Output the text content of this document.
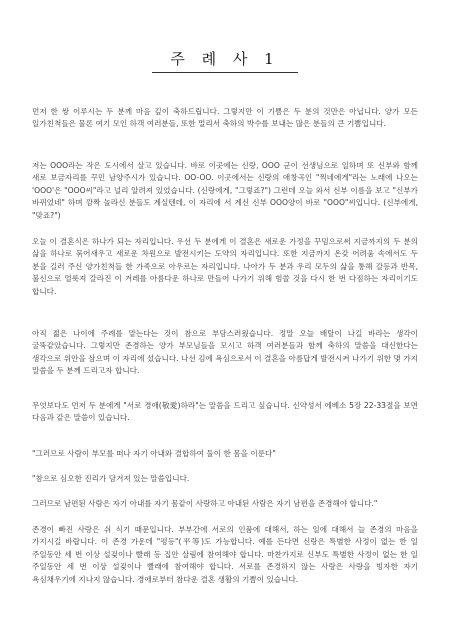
주 례 사 1

먼저 한 쌍 이루시는 두 분께 마음 깊이 축하드립니다. 그렇지만 이 기쁨은 두 분의 것만은 아닙니다. 양가 모든 일가친척들은 물론 여기 모인 하객 여러분들, 또한 멀리서 축하의 박수를 보내는 많은 분들의 큰 기쁨입니다.

저는 OOO라는 작은 도시에서 살고 있습니다. 바로 이곳에는 신랑, OOO 군이 선생님으로 일하며 또 신부와 함께 새로 보금자리를 꾸민 남양주시가 있습니다. OO-OO. 이곳에서는 신랑의 애창곡인 "찍네에게"라는 노래에 나오는 'OOO'은 "OOO씨"라고 널리 알려져 있었습니다. (신랑에게, "그렇죠?") 그런데 오늘 와서 신부 이름을 보고 "신부가 바뀌었네" 하며 깜짝 놀라신 분들도 계실텐데, 이 자리에 서 계신 신부 OOO양이 바로 "OOO"씨입니다. (신부에게, "맞죠?")

오늘 이 결혼식은 하나가 되는 자리입니다. 우선 두 분에게 이 결혼은 새로운 가정을 꾸밈으로써 지금까지의 두 분의 삶을 하나로 묶어새우고 새로운 차원으로 발전시키는 도약의 자리입니다. 또한 지금까지 온갖 어려움 속에서도 두 분을 길러 주신 양가친척들 한 가족으로 아우르는 자리입니다. 나아가 두 분과 우리 모두의 삶을 통해 갈등과 반목, 불신으로 얼룩져 갈라진 이 겨레를 아름다운 하나로 만들어 나가기 위해 힘쓸 것을 다시 한 번 다짐하는 자리이기도 합니다.

아직 젊은 나이에 주례를 맡는다는 것이 참으로 부담스러웠습니다. 정말 오늘 배탈이 나길 바라는 생각이 굴뚝같았습니다. 그렇지만 존경하는 양가 부모님들을 모시고 하객 여러분들과 함께 축하의 말씀을 대신한다는 생각으로 위안을 삼으며 이 자리에 섰습니다. 나선 김에 욕심으로서 이 결혼을 아름답게 발전시켜 나가기 위한 몇 가지 말씀을 두 분께 드리고자 합니다.

무엇보다도 먼저 두 분에게 "서로 경애(敬愛)하라"는 말씀을 드리고 싶습니다. 신약성서 에베소 5장 22-33절을 보면 다음과 같은 말씀이 있습니다.

"그러므로 사람이 부모를 떠나 자기 아내와 결합하여 둘이 한 몸을 이룬다"

"참으로 심오한 진리가 담겨져 있는 말씀입니다.

그러므로 남편된 사람은 자기 아내를 자기 몸같이 사랑하고 아내된 사람은 자기 남편을 존경해야 합니다."

존경이 빠진 사랑은 쉬 식기 때문입니다. 부부간에 서로의 인품에 대해서, 하는 일에 대해서 늘 존경의 마음을 가지시길 바랍니다. 이 존경 가운데 "평등"(平等)도 가능합니다. 예를 든다면 신랑은 특별한 사정이 없는 한 일 주일동안 세 번 이상 설겆이나 빨래 등 집안 살림에 참여해야 합니다. 마찬가지로 신부도 특별한 사정이 없는 한 일 주일동안 세 번 이상 설겆이나 빨래에 참여해야 합니다. 서로를 존경하지 않는 사랑은 사랑을 빙자한 자기 욕심채우기에 지나지 않습니다. 경애로부터 참다운 결혼 생활의 기쁨이 있습니다.
